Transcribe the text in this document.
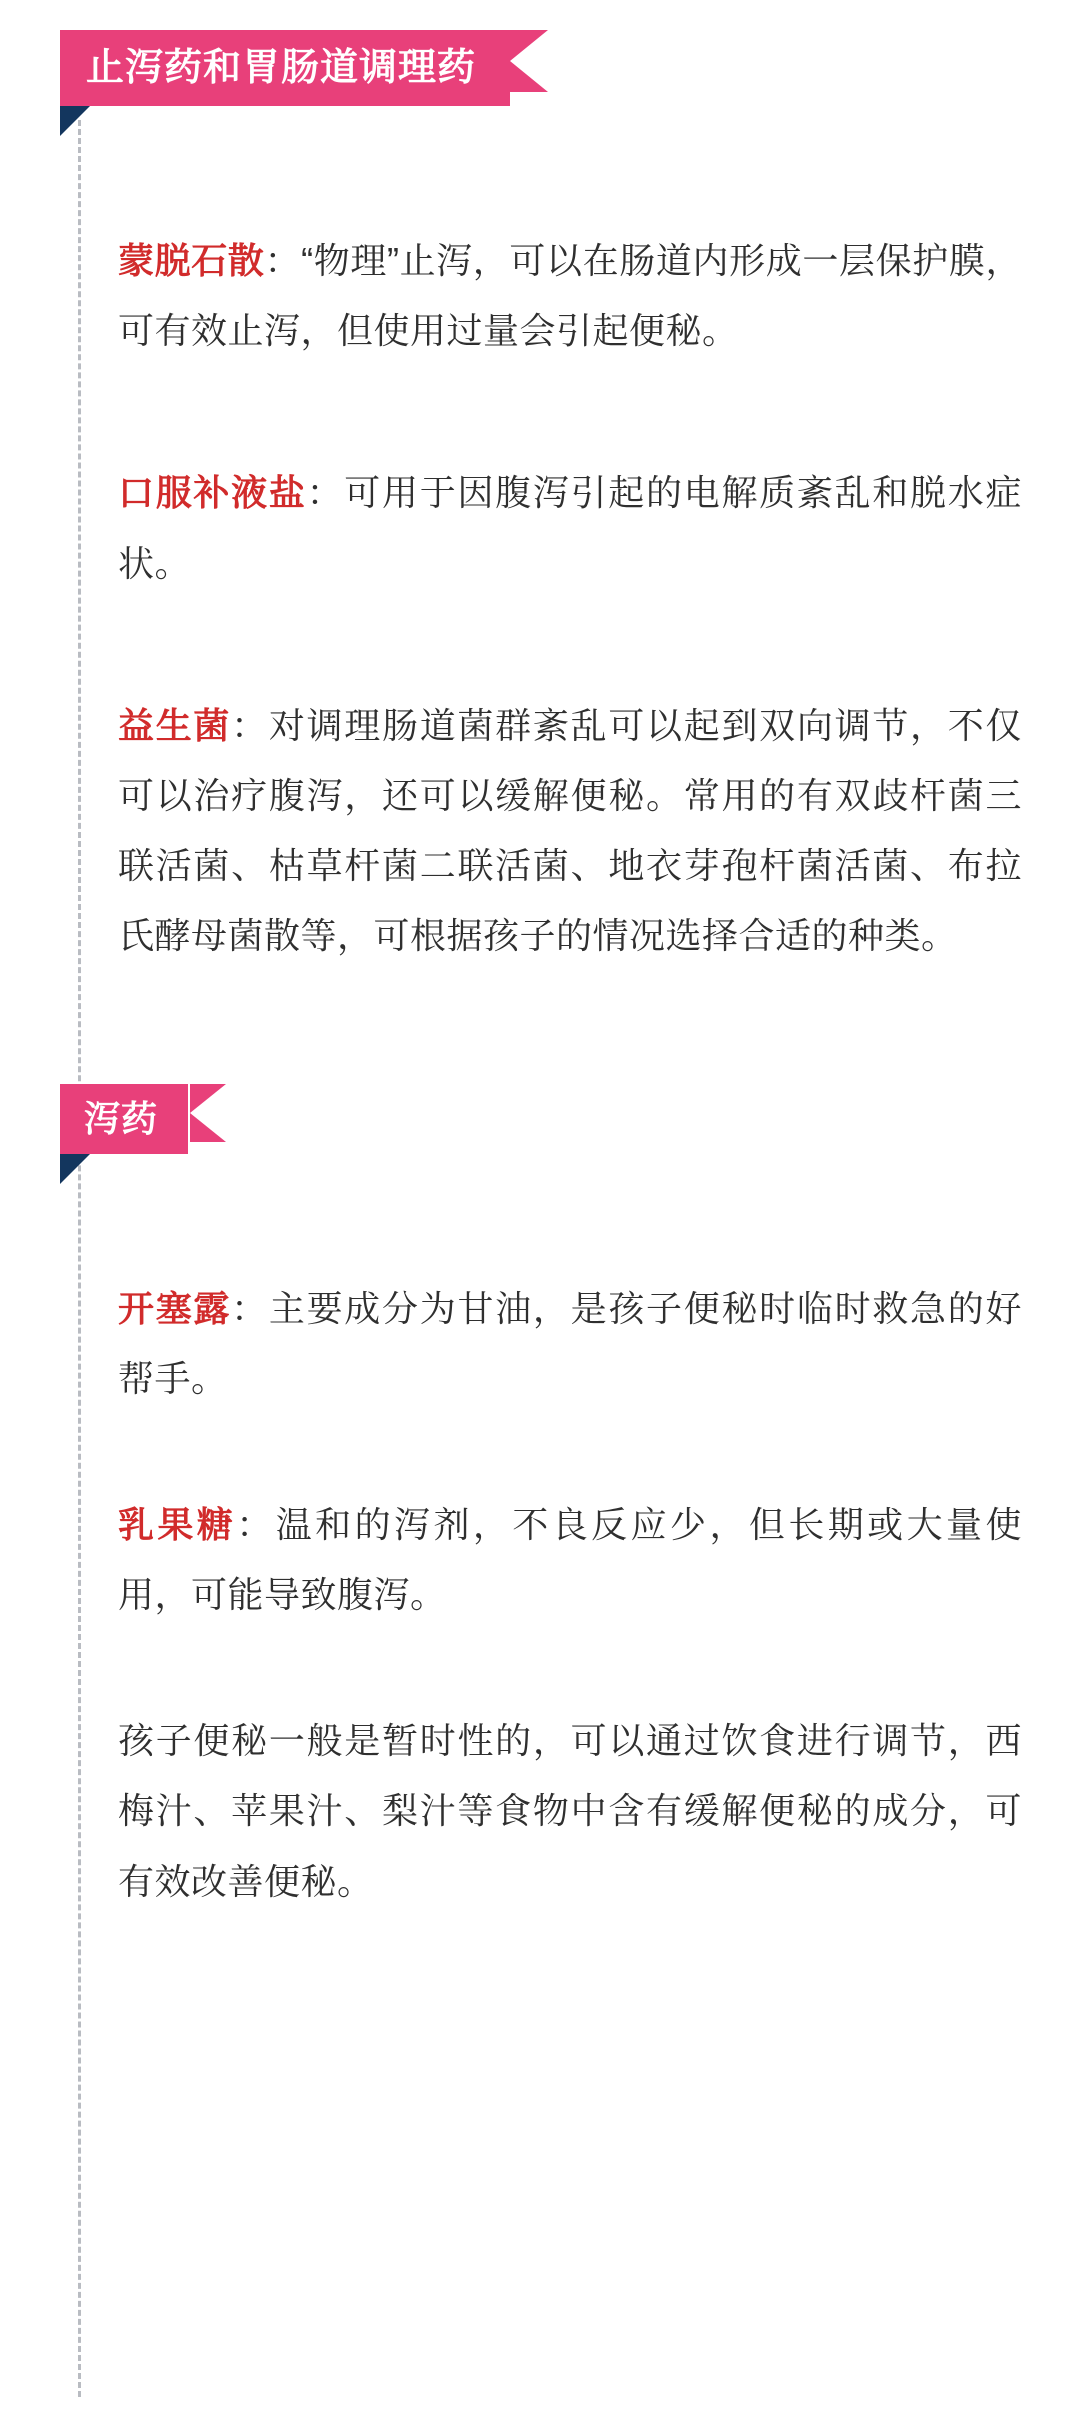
止泻药和胃肠道调理药

蒙脱石散：“物理”止泻，可以在肠道内形成一层保护膜，可有效止泻，但使用过量会引起便秘。

口服补液盐：可用于因腹泻引起的电解质紊乱和脱水症状。

益生菌：对调理肠道菌群紊乱可以起到双向调节，不仅可以治疗腹泻，还可以缓解便秘。常用的有双歧杆菌三联活菌、枯草杆菌二联活菌、地衣芽孢杆菌活菌、布拉氏酵母菌散等，可根据孩子的情况选择合适的种类。

泻药

开塞露：主要成分为甘油，是孩子便秘时临时救急的好帮手。

乳果糖：温和的泻剂，不良反应少，但长期或大量使用，可能导致腹泻。

孩子便秘一般是暂时性的，可以通过饮食进行调节，西梅汁、苹果汁、梨汁等食物中含有缓解便秘的成分，可有效改善便秘。
